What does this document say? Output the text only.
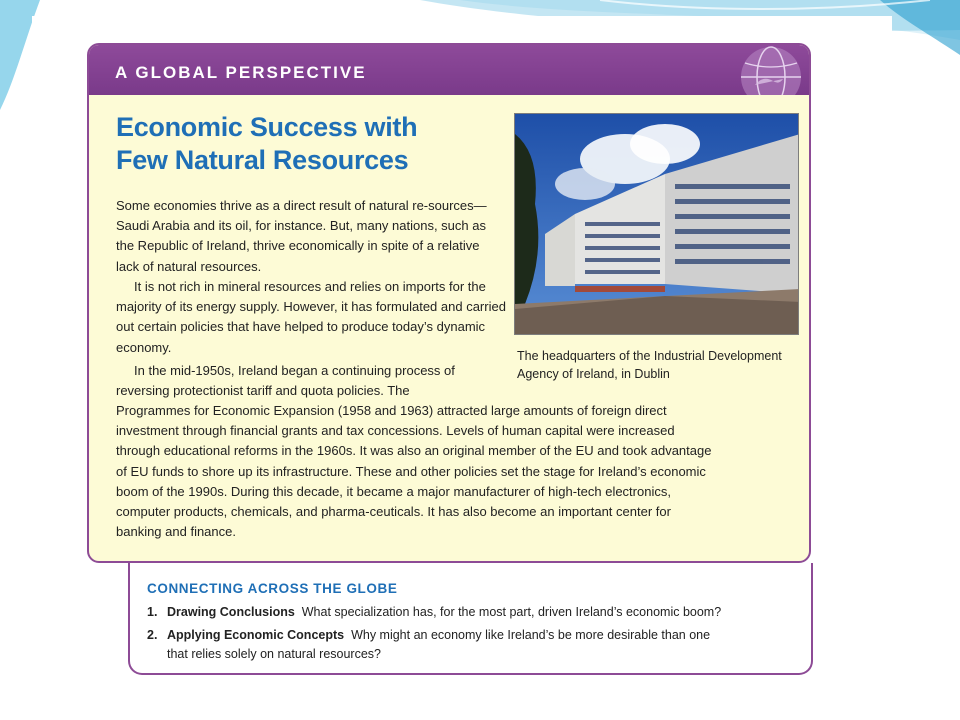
A GLOBAL PERSPECTIVE
Economic Success with
Few Natural Resources
The headquarters of the Industrial Development Agency of Ireland, in Dublin

Some economies thrive as a direct result of natural re-sources—Saudi Arabia and its oil, for instance. But, many nations, such as the Republic of Ireland, thrive economically in spite of a relative lack of natural resources.

It is not rich in mineral resources and relies on imports for the majority of its energy supply. However, it has formulated and carried out certain policies that have helped to produce today’s dynamic economy.

In the mid-1950s, Ireland began a continuing process of reversing protectionist tariff and quota policies. The

Programmes for Economic Expansion (1958 and 1963) attracted large amounts of foreign direct investment through financial grants and tax concessions. Levels of human capital were increased through educational reforms in the 1960s. It was also an original member of the EU and took advantage of EU funds to shore up its infrastructure. These and other policies set the stage for Ireland’s economic boom of the 1990s. During this decade, it became a major manufacturer of high-tech electronics, computer products, chemicals, and pharma-ceuticals. It has also become an important center for banking and finance.

CONNECTING ACROSS THE GLOBE
1. Drawing Conclusions What specialization has, for the most part, driven Ireland’s economic boom?
2. Applying Economic Concepts Why might an economy like Ireland’s be more desirable than one
that relies solely on natural resources?
